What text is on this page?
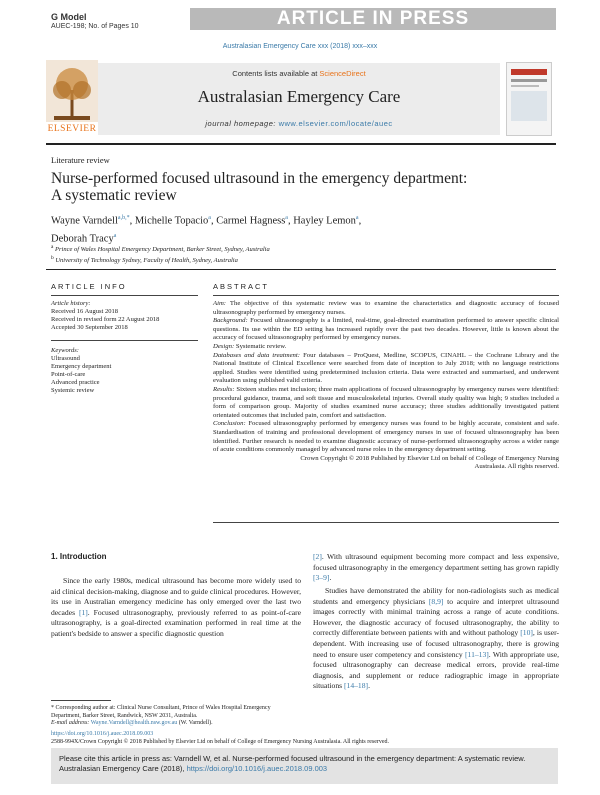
G Model
AUEC-198; No. of Pages 10	ARTICLE IN PRESS
Australasian Emergency Care xxx (2018) xxx–xxx
ELSEVIER
Contents lists available at ScienceDirect
Australasian Emergency Care
journal homepage: www.elsevier.com/locate/auec
Literature review
Nurse-performed focused ultrasound in the emergency department:
A systematic review
Wayne Varndell$^{a,b,*}$, Michelle Topacio$^a$, Carmel Hagness$^a$, Hayley Lemon$^a$,
Deborah Tracy$^a$
$^a$ Prince of Wales Hospital Emergency Department, Barker Street, Sydney, Australia
$^b$ University of Technology Sydney, Faculty of Health, Sydney, Australia
ARTICLE INFO
Article history:
Received 16 August 2018
Received in revised form 22 August 2018
Accepted 30 September 2018
Keywords:
Ultrasound
Emergency department
Point-of-care
Advanced practice
Systemic review
ABSTRACT

Aim: The objective of this systematic review was to examine the characteristics and diagnostic accuracy of focused ultrasonography performed by emergency nurses.

Background: Focused ultrasonography is a limited, real-time, goal-directed examination performed to answer specific clinical questions. Its use within the ED setting has increased rapidly over the past two decades. However, little is known about the accuracy of focused ultrasonography performed by emergency nurses.

Design: Systematic review.

Databases and data treatment: Four databases – ProQuest, Medline, SCOPUS, CINAHL – the Cochrane Library and the National Institute of Clinical Excellence were searched from date of inception to July 2018; with no language restrictions applied. Studies were identified using predetermined inclusion criteria. Data were extracted and summarised, and underwent evaluation using published valid criteria.

Results: Sixteen studies met inclusion; three main applications of focused ultrasonography by emergency nurses were identified: procedural guidance, trauma, and soft tissue and musculoskeletal injuries. Overall study quality was high; 9 studies included a form of comparison group. Majority of studies examined nurse accuracy; three studies additionally investigated patient orientated outcomes that included pain, comfort and satisfaction.

Conclusion: Focused ultrasonography performed by emergency nurses was found to be highly accurate, consistent and safe. Standardisation of training and professional development of emergency nurses in use of focused ultrasonography has been identified. Further research is needed to examine diagnostic accuracy of nurse-performed ultrasonography across a wider range of acute conditions commonly managed by advanced nurse roles in the emergency department setting.

Crown Copyright © 2018 Published by Elsevier Ltd on behalf of College of Emergency Nursing
Australasia. All rights reserved.

1. Introduction
Since the early 1980s, medical ultrasound has become more widely used to aid clinical decision-making, diagnose and to guide clinical procedures. However, its use in Australian emergency medicine has only emerged over the last two decades [1]. Focused ultrasonography, previously referred to as point-of-care ultrasonography, is a goal-directed examination performed in real time at the patient's bedside to answer a specific diagnostic question
[2]. With ultrasound equipment becoming more compact and less expensive, focused ultrasonography in the emergency department setting has grown rapidly [3–9].
Studies have demonstrated the ability for non-radiologists such as medical students and emergency physicians [8,9] to acquire and interpret ultrasound images correctly with minimal training across a range of acute conditions. However, the diagnostic accuracy of focused ultrasonography, the ability to correctly differentiate between patients with and without pathology [10], is user-dependent. With increasing use of focused ultrasonography, there is growing need to ensure user competency and consistency [11–13]. With appropriate use, focused ultrasonography can decrease medical errors, provide real-time diagnosis, and supplement or reduce radiographic image in appropriate situations [14–18].
* Corresponding author at: Clinical Nurse Consultant, Prince of Wales Hospital Emergency Department, Barker Street, Randwick, NSW 2031, Australia.
E-mail address: Wayne.Varndell@health.nsw.gov.au (W. Varndell).
https://doi.org/10.1016/j.auec.2018.09.003
2588-994X/Crown Copyright © 2018 Published by Elsevier Ltd on behalf of College of Emergency Nursing Australasia. All rights reserved.
Please cite this article in press as: Varndell W, et al. Nurse-performed focused ultrasound in the emergency department: A systematic review. Australasian Emergency Care (2018), https://doi.org/10.1016/j.auec.2018.09.003
